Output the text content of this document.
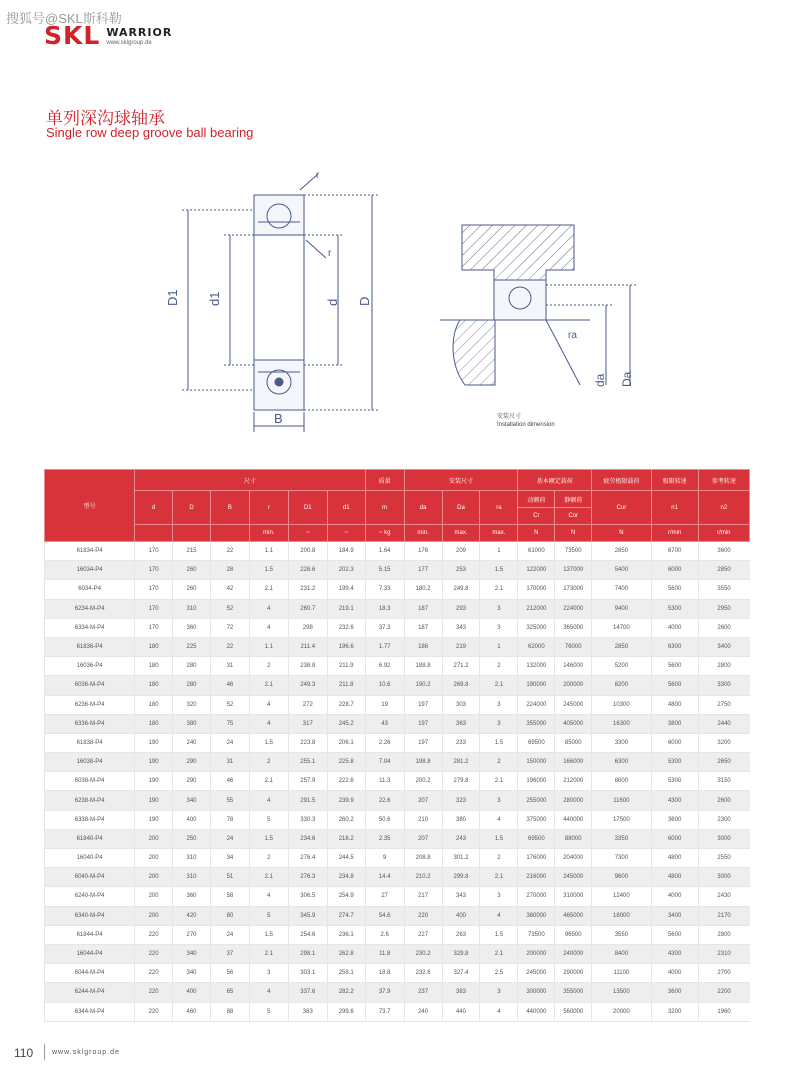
搜狐号@SKL斯科勒
SKL WARRIOR
www.sklgroup.de
单列深沟球轴承
Single row deep groove ball bearing
D1 d1	d D
B
r
r
ra
da Da
安装尺寸
Installation dimension
型号	尺寸						质量	安装尺寸			基本额定载荷		疲劳极限载荷	极限转速	参考转速
	d	D	B	r	D1	d1	m	da	Da	ra	动额荷	静额荷	Cur	n1	n2
											Cr	Cor			
				min.	~	~	~ kg	min.	max.	max.	N	N	N	r/min	r/min
61834-P4	170	215	22	1.1	200.8	184.9	1.64	176	209	1	61000	73500	2850	6700	3600
16034-P4	170	260	28	1.5	228.6	202.3	5.15	177	253	1.5	122000	137000	5400	6000	2850
6034-P4	170	260	42	2.1	231.2	199.4	7.33	180.2	249.8	2.1	170000	173000	7400	5600	3550
6234-M-P4	170	310	52	4	260.7	219.1	18.3	187	293	3	212000	224000	9400	5300	2950
6334-M-P4	170	360	72	4	298	232.6	37.3	187	343	3	325000	365000	14700	4000	2600
61836-P4	180	225	22	1.1	211.4	196.6	1.77	186	219	1	62000	76000	2850	6300	3400
16036-P4	180	280	31	2	238.8	211.9	6.92	188.8	271.2	2	132000	146000	5200	5600	2800
6036-M-P4	180	280	46	2.1	249.3	211.8	10.6	190.2	269.8	2.1	190000	200000	8200	5600	3300
6236-M-P4	180	320	52	4	272	228.7	19	197	303	3	224000	245000	10300	4800	2750
6336-M-P4	180	380	75	4	317	245.2	43	197	363	3	355000	405000	16300	3800	2440
61838-P4	190	240	24	1.5	223.8	206.1	2.26	197	233	1.5	69500	85000	3300	6000	3200
16038-P4	190	290	31	2	255.1	225.8	7.04	198.8	281.2	2	150000	166000	6300	5300	2650
6038-M-P4	190	290	46	2.1	257.9	222.6	11.3	200.2	279.8	2.1	196000	212000	8000	5300	3150
6238-M-P4	190	340	55	4	291.5	239.9	22.6	207	323	3	255000	280000	11600	4300	2600
6338-M-P4	190	400	78	5	330.3	260.2	50.6	210	380	4	375000	440000	17500	3600	2300
61840-P4	200	250	24	1.5	234.6	216.2	2.35	207	243	1.5	69500	88000	3350	6000	3000
16040-P4	200	310	34	2	276.4	244.5	9	208.8	301.2	2	176000	204000	7300	4800	2550
6040-M-P4	200	310	51	2.1	276.3	234.8	14.4	210.2	299.8	2.1	216000	245000	9600	4800	3000
6240-M-P4	200	360	58	4	306.5	254.9	27	217	343	3	270000	310000	12400	4000	2430
6340-M-P4	200	420	80	5	345.9	274.7	54.6	220	400	4	380000	465000	18000	3400	2170
61844-P4	220	270	24	1.5	254.6	236.1	2.6	227	263	1.5	73500	96500	3550	5600	2800
16044-P4	220	340	37	2.1	298.1	262.8	11.8	230.2	329.8	2.1	200000	240000	8400	4300	2310
6044-M-P4	220	340	56	3	303.1	258.1	18.8	232.6	327.4	2.5	245000	290000	11100	4000	2700
6244-M-P4	220	400	65	4	337.6	282.2	37.9	237	383	3	300000	355000	13500	3600	2200
6344-M-P4	220	460	88	5	383	299.6	73.7	240	440	4	440000	560000	20000	3200	1960
110	www.sklgroup.de
